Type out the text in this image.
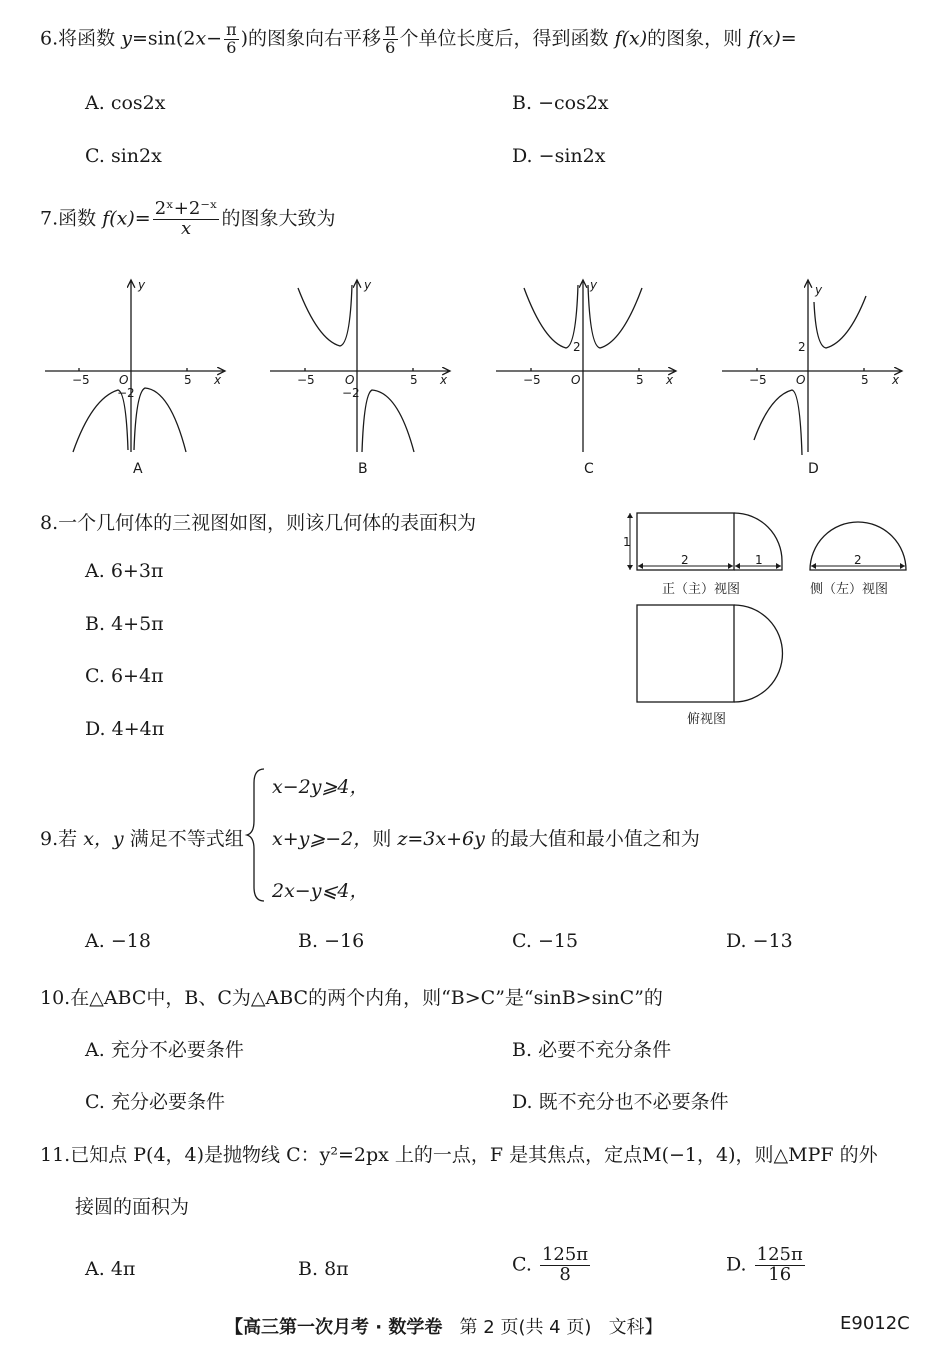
6.将函数 $y=\sin(2x- \frac{\pi}{6}$ )的图象向右平移 $\frac{\pi}{6}$ 个单位长度后，得到函数 f(x)的图象，则 f(x)=
A. cos2x	B. −cos2x
C. sin2x	D. −sin2x
7.函数 $f(x)= \frac{\text{2ˣ+2⁻ˣ}}{x}$ 的图象大致为
y
x
O
−5	5
−2
A
y
x
O
−5	5
−2
B
y
x
O
−5	5
2
C
y
x
O
−5	5
2
D
8.一个几何体的三视图如图，则该几何体的表面积为
A. 6+3π
B. 4+5π
C. 6+4π
D. 4+4π
1
2	1
正（主）视图
2
侧（左）视图
俯视图
x−2y⩾4，
9.若 x，y 满足不等式组 x+y⩾−2，则 z=3x+6y 的最大值和最小值之和为
2x−y⩽4，
A. −18	B. −16	C. −15	D. −13
10.在△ABC中，B、C为△ABC的两个内角，则“B>C”是“sinB>sinC”的
A. 充分不必要条件	B. 必要不充分条件
C. 充分必要条件	D. 既不充分也不必要条件
11.已知点 P(4，4)是抛物线 C：y²=2px 上的一点，F 是其焦点，定点M(−1，4)，则△MPF 的外
接圆的面积为
A. 4π	B. 8π	C. $\frac{125\pi}{8}$	D. $\frac{125\pi}{16}$
【高三第一次月考 · 数学卷 第 2 页(共 4 页) 文科】	E9012C
